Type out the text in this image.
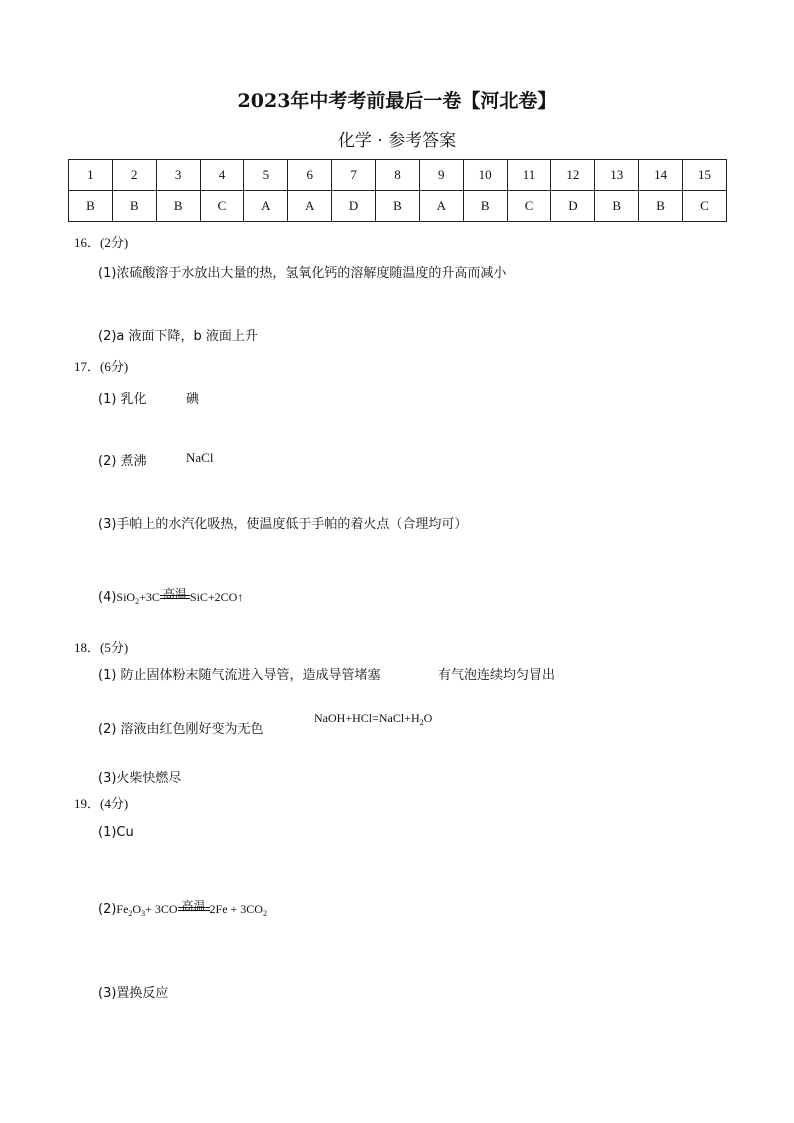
2023年中考考前最后一卷【河北卷】
化学 · 参考答案
1	2	3	4	5	6	7	8	9	10	11	12	13	14	15
B	B	B	C	A	A	D	B	A	B	C	D	B	B	C
16．(2分)
(1)浓硫酸溶于水放出大量的热，氢氧化钙的溶解度随温度的升高而减小
(2)a 液面下降，b 液面上升
17．(6分)
(1) 乳化	碘
(2) 煮沸	NaCl
(3)手帕上的水汽化吸热，使温度低于手帕的着火点（合理均可）
(4)SiO$_2$+3C 高温 SiC+2CO↑
18．(5分)
(1) 防止固体粉末随气流进入导管，造成导管堵塞	有气泡连续均匀冒出
(2) 溶液由红色刚好变为无色
$NaOH+HCl=NaCl+H_2O$
(3)火柴快燃尽
19．(4分)
(1)Cu
$(2)Fe_2O_3+ 3CO$ 高温 $2Fe + 3CO_2$
(3)置换反应
